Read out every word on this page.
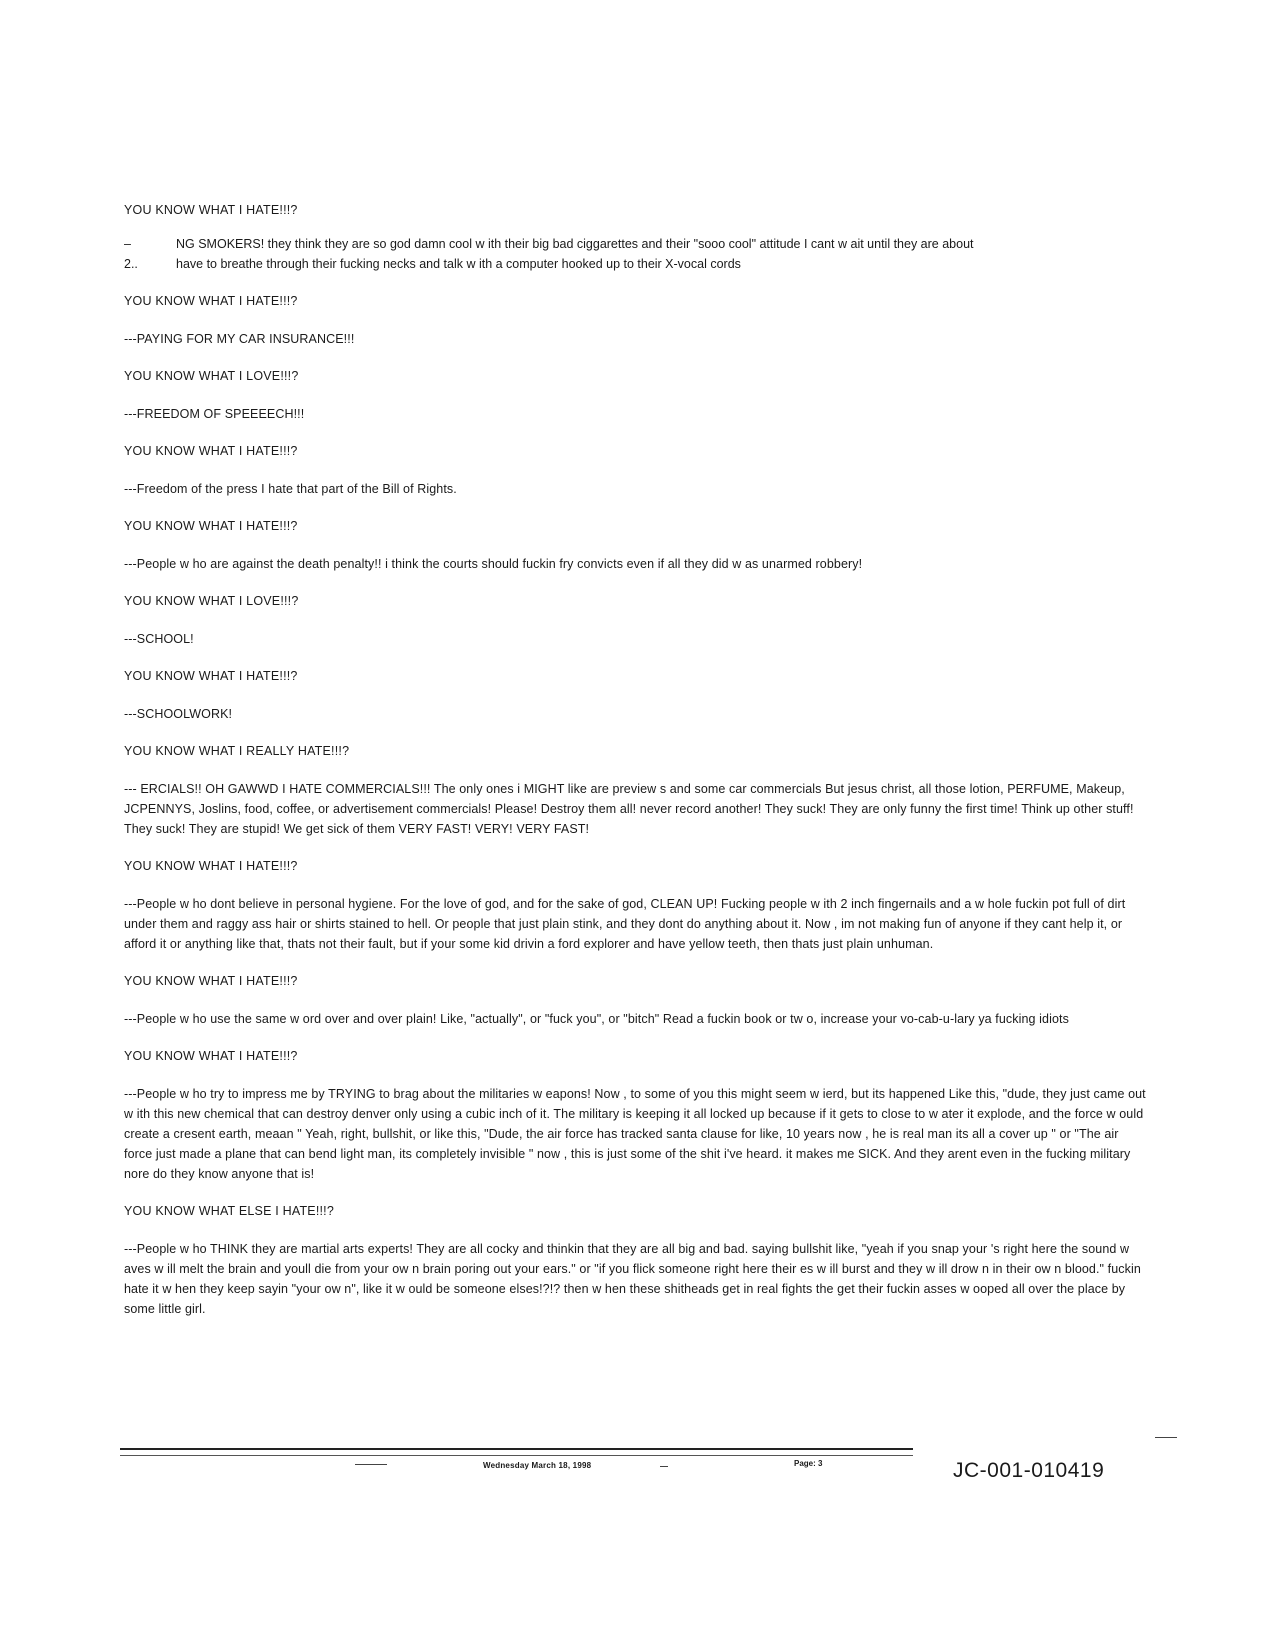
YOU KNOW WHAT I HATE!!!?
–
2..
NG SMOKERS! they think they are so god damn cool w ith their big bad ciggarettes and their "sooo cool" attitude I cant w ait until they are about
have to breathe through their fucking necks and talk w ith a computer hooked up to their X-vocal cords
YOU KNOW WHAT I HATE!!!?
---PAYING FOR MY CAR INSURANCE!!!
YOU KNOW WHAT I LOVE!!!?
---FREEDOM OF SPEEEECH!!!
YOU KNOW WHAT I HATE!!!?
---Freedom of the press I hate that part of the Bill of Rights.
YOU KNOW WHAT I HATE!!!?
---People w ho are against the death penalty!! i think the courts should fuckin fry convicts even if all they did w as unarmed robbery!
YOU KNOW WHAT I LOVE!!!?
---SCHOOL!
YOU KNOW WHAT I HATE!!!?
---SCHOOLWORK!
YOU KNOW WHAT I REALLY HATE!!!?
--- ERCIALS!! OH GAWWD I HATE COMMERCIALS!!! The only ones i MIGHT like are preview s and some car commercials But jesus christ, all those lotion, PERFUME, Makeup, JCPENNYS, Joslins, food, coffee, or advertisement commercials! Please! Destroy them all! never record another! They suck! They are only funny the first time! Think up other stuff! They suck! They are stupid! We get sick of them VERY FAST! VERY! VERY FAST!
YOU KNOW WHAT I HATE!!!?
---People w ho dont believe in personal hygiene. For the love of god, and for the sake of god, CLEAN UP! Fucking people w ith 2 inch fingernails and a w hole fuckin pot full of dirt under them and raggy ass hair or shirts stained to hell. Or people that just plain stink, and they dont do anything about it. Now , im not making fun of anyone if they cant help it, or afford it or anything like that, thats not their fault, but if your some kid drivin a ford explorer and have yellow teeth, then thats just plain unhuman.
YOU KNOW WHAT I HATE!!!?
---People w ho use the same w ord over and over plain! Like, "actually", or "fuck you", or "bitch" Read a fuckin book or tw o, increase your vo-cab-u-lary ya fucking idiots
YOU KNOW WHAT I HATE!!!?
---People w ho try to impress me by TRYING to brag about the militaries w eapons! Now , to some of you this might seem w ierd, but its happened Like this, "dude, they just came out w ith this new chemical that can destroy denver only using a cubic inch of it. The military is keeping it all locked up because if it gets to close to w ater it explode, and the force w ould create a cresent earth, meaan " Yeah, right, bullshit, or like this, "Dude, the air force has tracked santa clause for like, 10 years now , he is real man its all a cover up " or "The air force just made a plane that can bend light man, its completely invisible " now , this is just some of the shit i've heard. it makes me SICK. And they arent even in the fucking military nore do they know anyone that is!
YOU KNOW WHAT ELSE I HATE!!!?
---People w ho THINK they are martial arts experts! They are all cocky and thinkin that they are all big and bad. saying bullshit like, "yeah if you snap your 's right here the sound w aves w ill melt the brain and youll die from your ow n brain poring out your ears." or "if you flick someone right here their es w ill burst and they w ill drow n in their ow n blood." fuckin hate it w hen they keep sayin "your ow n", like it w ould be someone elses!?!? then w hen these shitheads get in real fights the get their fuckin asses w ooped all over the place by some little girl.
Wednesday March 18, 1998	Page: 3	JC-001-010419
